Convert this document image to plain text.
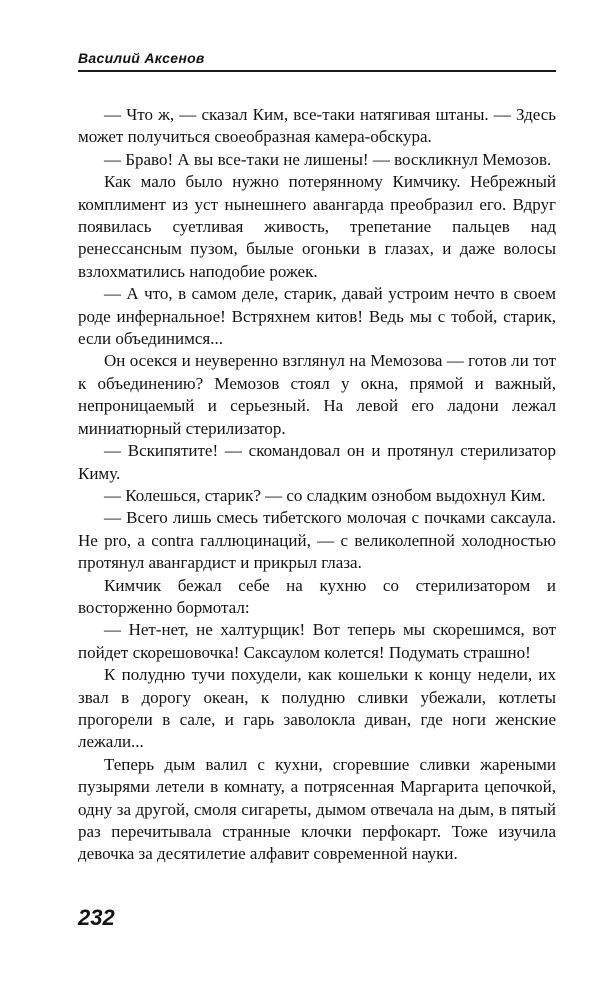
Василий Аксенов

— Что ж, — сказал Ким, все-таки натягивая штаны. — Здесь может получиться своеобразная камера-обскура.

— Браво! А вы все-таки не лишены! — воскликнул Мемозов.

Как мало было нужно потерянному Кимчику. Небрежный комплимент из уст нынешнего авангарда преобразил его. Вдруг появилась суетливая живость, трепетание пальцев над ренессансным пузом, былые огоньки в глазах, и даже волосы взлохматились наподобие рожек.

— А что, в самом деле, старик, давай устроим нечто в своем роде инфернальное! Встряхнем китов! Ведь мы с тобой, старик, если объединимся...

Он осекся и неуверенно взглянул на Мемозова — готов ли тот к объединению? Мемозов стоял у окна, прямой и важный, непроницаемый и серьезный. На левой его ладони лежал миниатюрный стерилизатор.

— Вскипятите! — скомандовал он и протянул стерилизатор Киму.

— Колешься, старик? — со сладким ознобом выдохнул Ким.

— Всего лишь смесь тибетского молочая с почками саксаула. Не pro, a contra галлюцинаций, — с великолепной холодностью протянул авангардист и прикрыл глаза.

Кимчик бежал себе на кухню со стерилизатором и восторженно бормотал:

— Нет-нет, не халтурщик! Вот теперь мы скорешимся, вот пойдет скорешовочка! Саксаулом колется! Подумать страшно!

К полудню тучи похудели, как кошельки к концу недели, их звал в дорогу океан, к полудню сливки убежали, котлеты прогорели в сале, и гарь заволокла диван, где ноги женские лежали...

Теперь дым валил с кухни, сгоревшие сливки жареными пузырями летели в комнату, а потрясенная Маргарита цепочкой, одну за другой, смоля сигареты, дымом отвечала на дым, в пятый раз перечитывала странные клочки перфокарт. Тоже изучила девочка за десятилетие алфавит современной науки.

232
